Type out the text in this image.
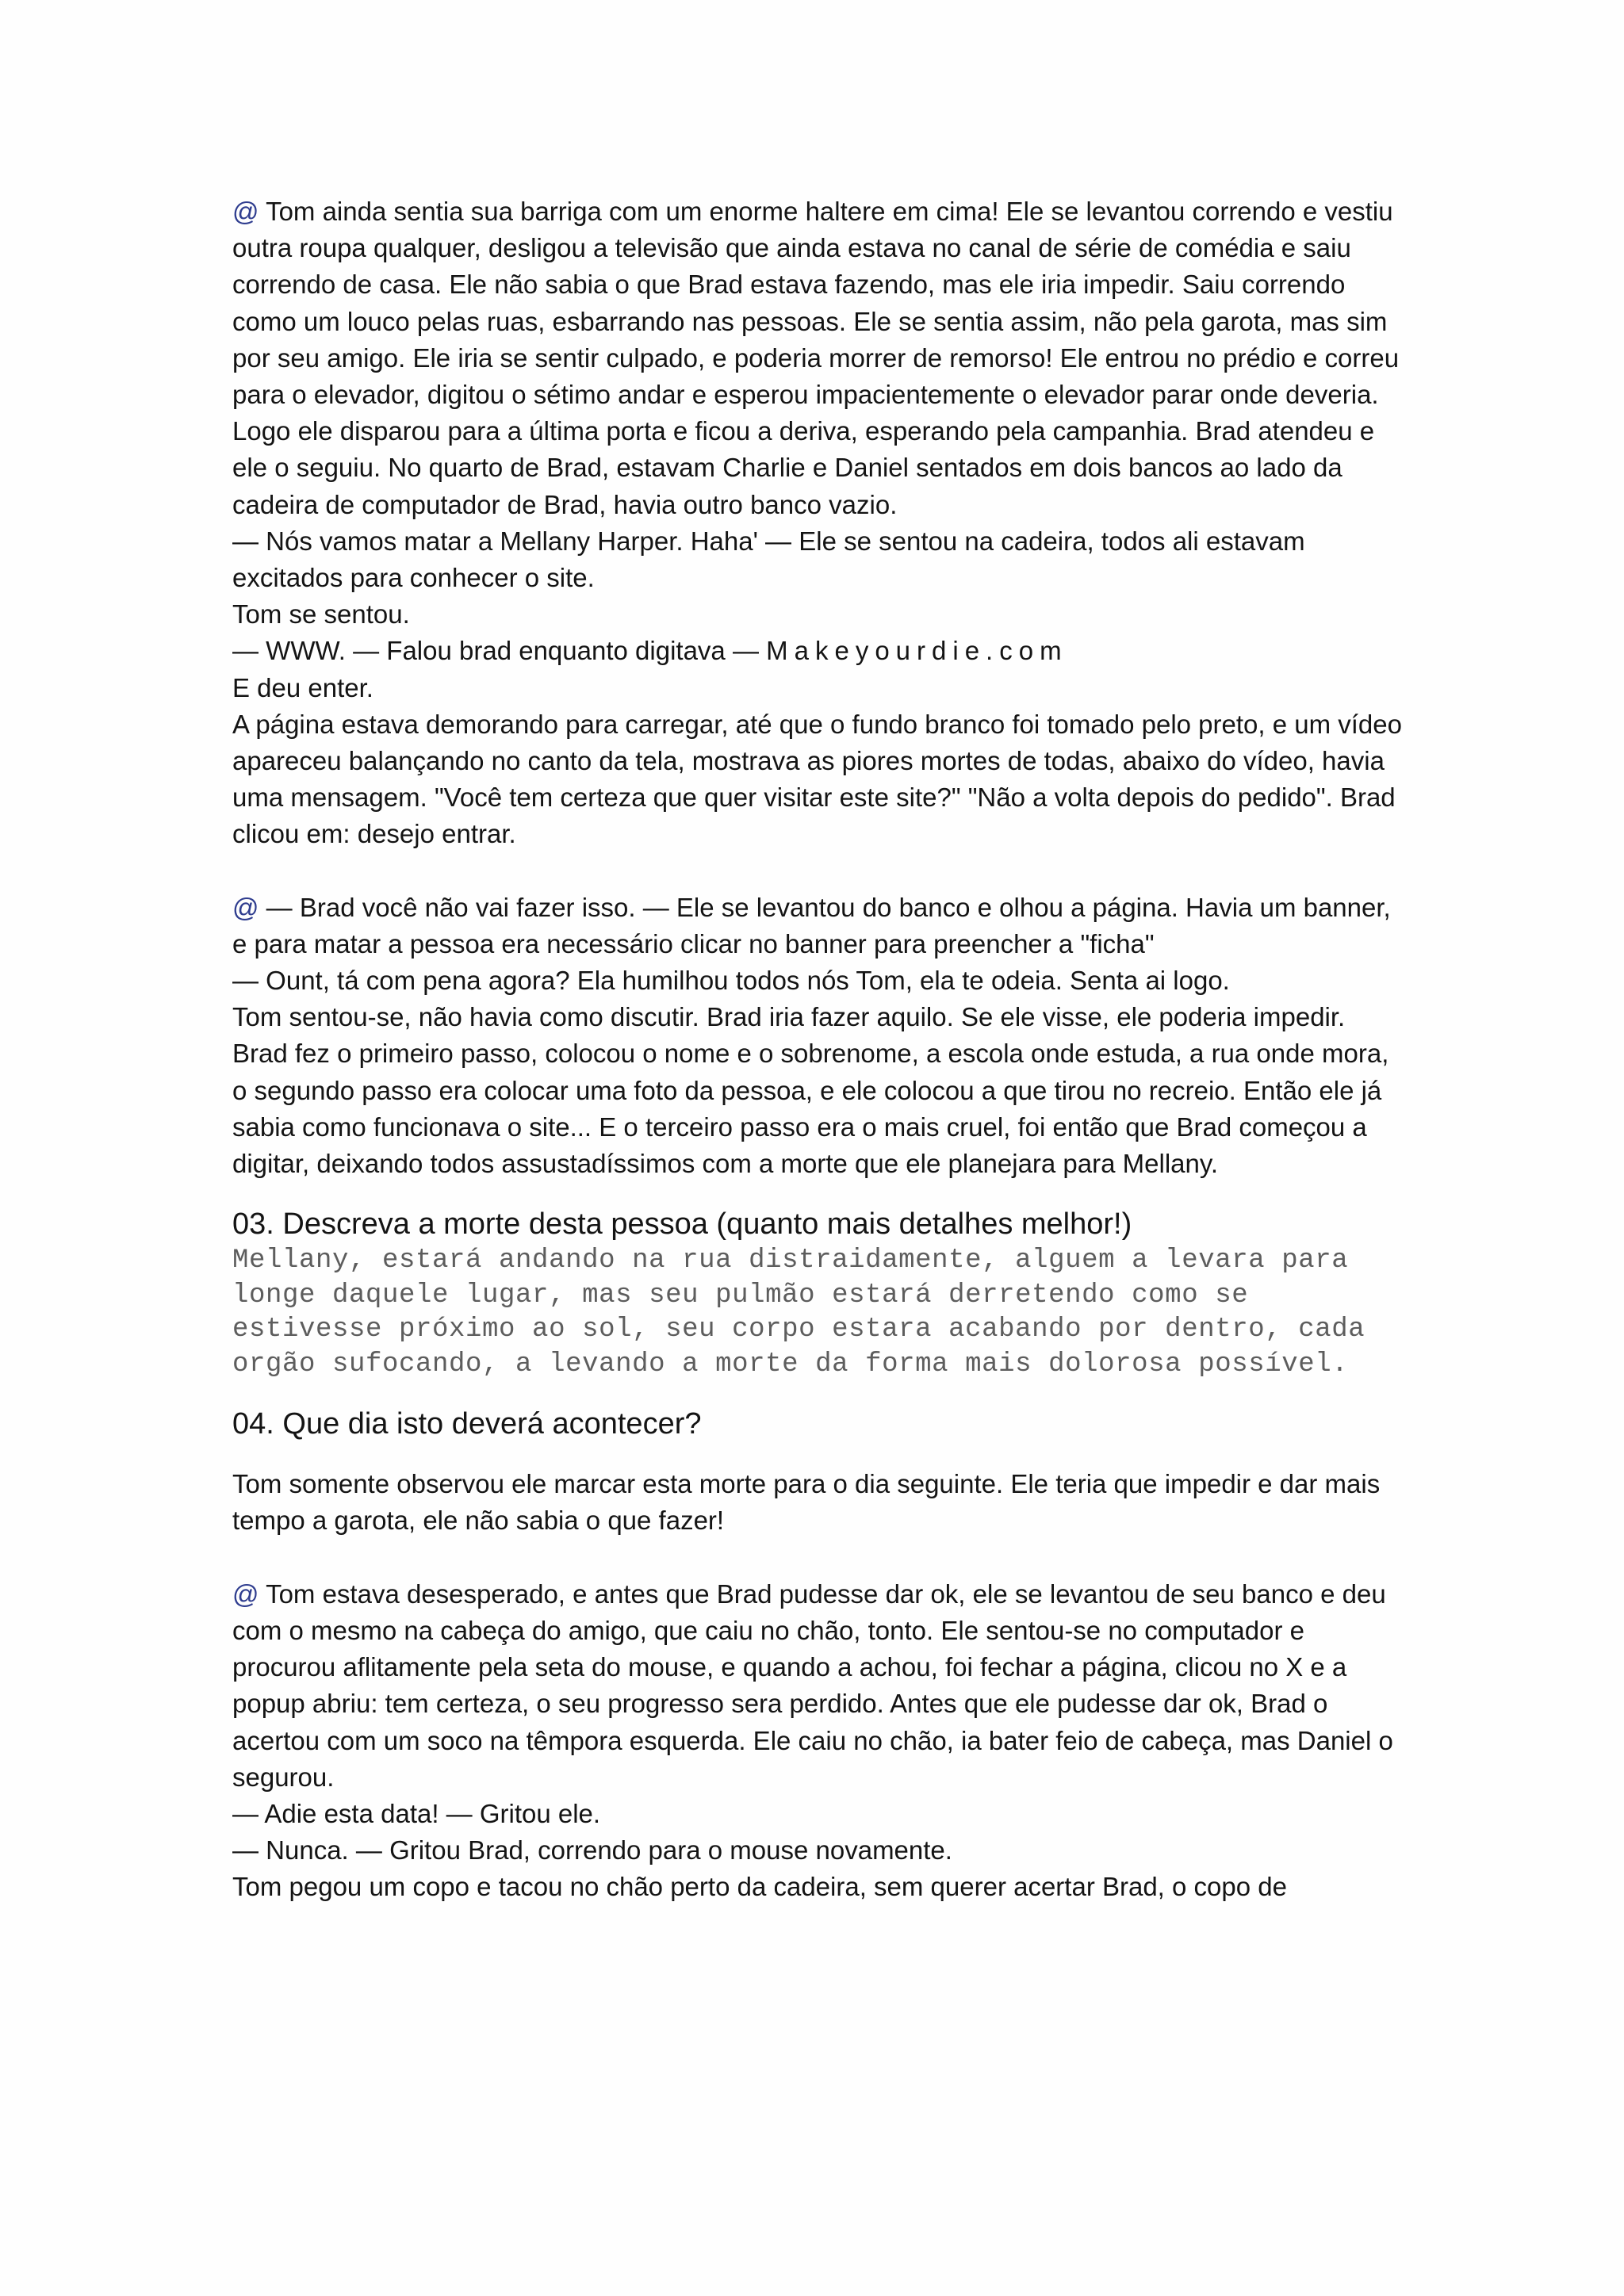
@ Tom ainda sentia sua barriga com um enorme haltere em cima! Ele se levantou correndo e vestiu outra roupa qualquer, desligou a televisão que ainda estava no canal de série de comédia e saiu correndo de casa. Ele não sabia o que Brad estava fazendo, mas ele iria impedir. Saiu correndo como um louco pelas ruas, esbarrando nas pessoas. Ele se sentia assim, não pela garota, mas sim por seu amigo. Ele iria se sentir culpado, e poderia morrer de remorso! Ele entrou no prédio e correu para o elevador, digitou o sétimo andar e esperou impacientemente o elevador parar onde deveria. Logo ele disparou para a última porta e ficou a deriva, esperando pela campanhia. Brad atendeu e ele o seguiu. No quarto de Brad, estavam Charlie e Daniel sentados em dois bancos ao lado da cadeira de computador de Brad, havia outro banco vazio.

— Nós vamos matar a Mellany Harper. Haha' — Ele se sentou na cadeira, todos ali estavam excitados para conhecer o site.

Tom se sentou.

— WWW. — Falou brad enquanto digitava — Makeyourdie.com

E deu enter.

A página estava demorando para carregar, até que o fundo branco foi tomado pelo preto, e um vídeo apareceu balançando no canto da tela, mostrava as piores mortes de todas, abaixo do vídeo, havia uma mensagem. "Você tem certeza que quer visitar este site?" "Não a volta depois do pedido". Brad clicou em: desejo entrar.

@ — Brad você não vai fazer isso. — Ele se levantou do banco e olhou a página. Havia um banner, e para matar a pessoa era necessário clicar no banner para preencher a "ficha"

— Ount, tá com pena agora? Ela humilhou todos nós Tom, ela te odeia. Senta ai logo.

Tom sentou-se, não havia como discutir. Brad iria fazer aquilo. Se ele visse, ele poderia impedir. Brad fez o primeiro passo, colocou o nome e o sobrenome, a escola onde estuda, a rua onde mora, o segundo passo era colocar uma foto da pessoa, e ele colocou a que tirou no recreio. Então ele já sabia como funcionava o site... E o terceiro passo era o mais cruel, foi então que Brad começou a digitar, deixando todos assustadíssimos com a morte que ele planejara para Mellany.

03. Descreva a morte desta pessoa (quanto mais detalhes melhor!)

Mellany, estará andando na rua distraidamente, alguem a levara para longe daquele lugar, mas seu pulmão estará derretendo como se estivesse próximo ao sol, seu corpo estara acabando por dentro, cada orgão sufocando, a levando a morte da forma mais dolorosa possível.

04. Que dia isto deverá acontecer?

Tom somente observou ele marcar esta morte para o dia seguinte. Ele teria que impedir e dar mais tempo a garota, ele não sabia o que fazer!

@ Tom estava desesperado, e antes que Brad pudesse dar ok, ele se levantou de seu banco e deu com o mesmo na cabeça do amigo, que caiu no chão, tonto. Ele sentou-se no computador e procurou aflitamente pela seta do mouse, e quando a achou, foi fechar a página, clicou no X e a popup abriu: tem certeza, o seu progresso sera perdido. Antes que ele pudesse dar ok, Brad o acertou com um soco na têmpora esquerda. Ele caiu no chão, ia bater feio de cabeça, mas Daniel o segurou.

— Adie esta data! — Gritou ele.

— Nunca. — Gritou Brad, correndo para o mouse novamente.

Tom pegou um copo e tacou no chão perto da cadeira, sem querer acertar Brad, o copo de
